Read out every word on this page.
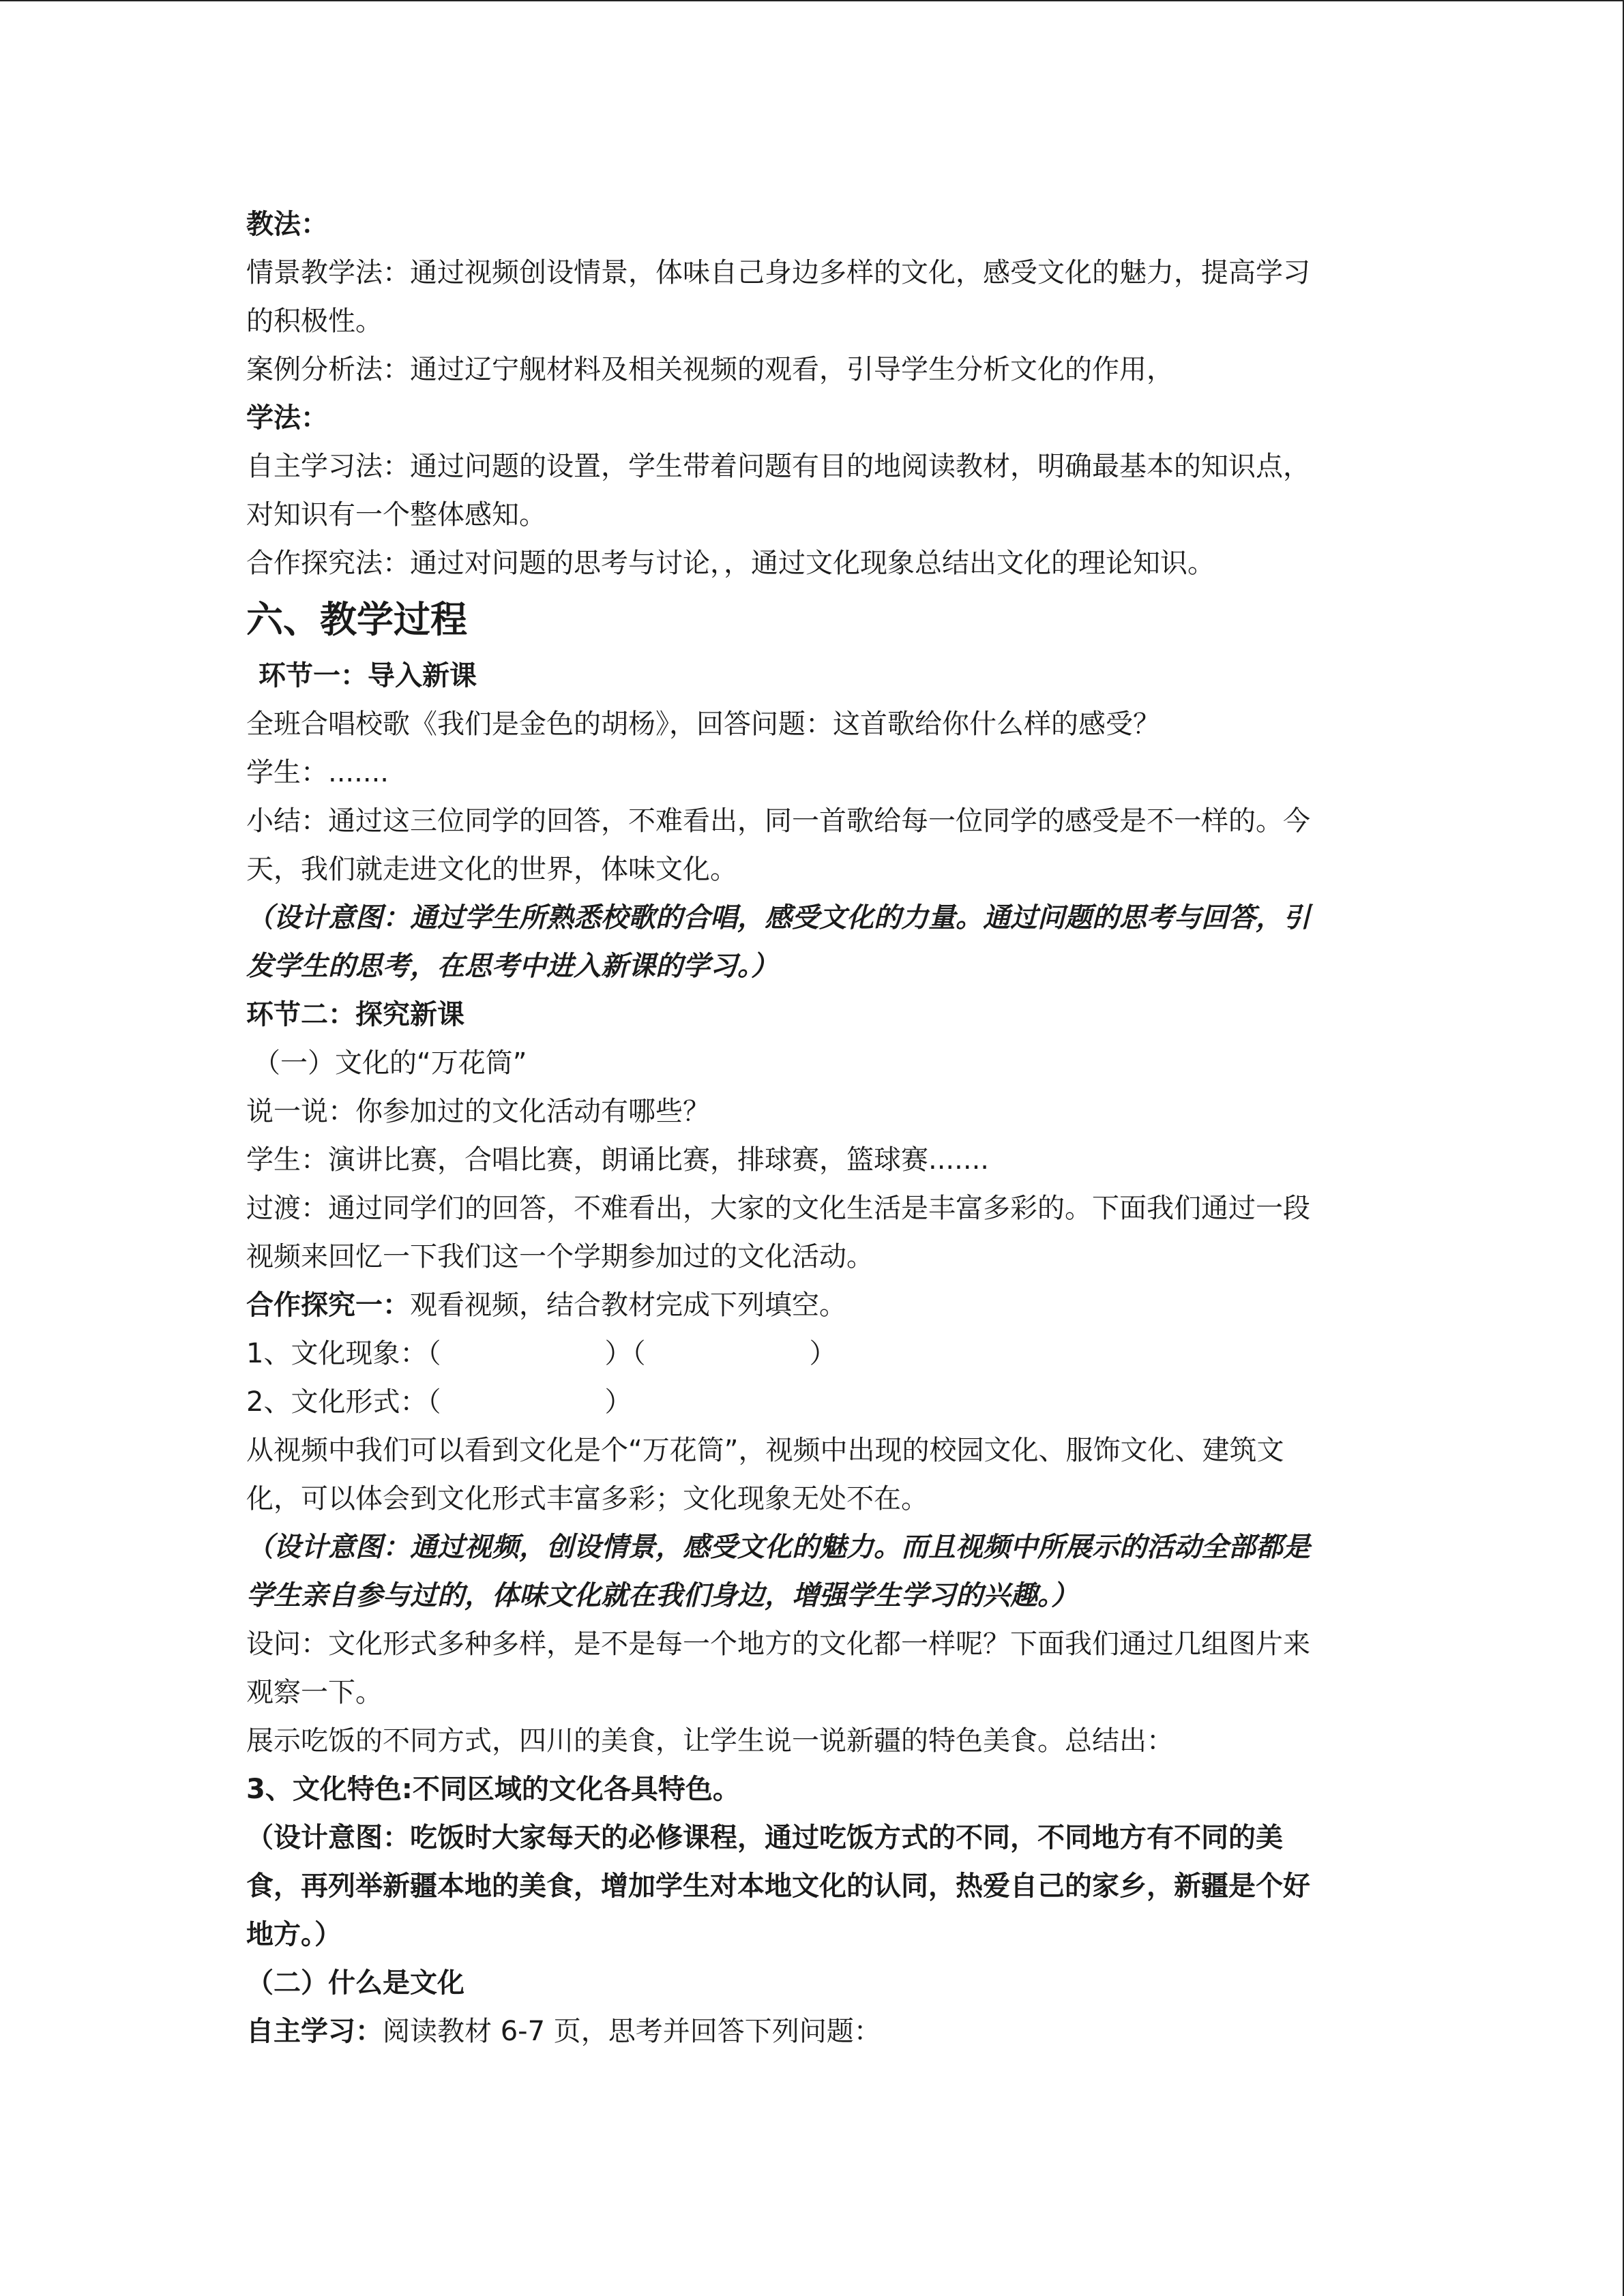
教法：

情景教学法：通过视频创设情景，体味自己身边多样的文化，感受文化的魅力，提高学习

的积极性。

案例分析法：通过辽宁舰材料及相关视频的观看，引导学生分析文化的作用，

学法：

自主学习法：通过问题的设置，学生带着问题有目的地阅读教材，明确最基本的知识点，

对知识有一个整体感知。

合作探究法：通过对问题的思考与讨论，，通过文化现象总结出文化的理论知识。

六、教学过程

环节一：导入新课

全班合唱校歌《我们是金色的胡杨》，回答问题：这首歌给你什么样的感受？

学生：.......

小结：通过这三位同学的回答，不难看出，同一首歌给每一位同学的感受是不一样的。今

天，我们就走进文化的世界，体味文化。

（设计意图：通过学生所熟悉校歌的合唱，感受文化的力量。通过问题的思考与回答，引

发学生的思考，在思考中进入新课的学习。）

环节二：探究新课

（一）文化的“万花筒”

说一说：你参加过的文化活动有哪些？

学生：演讲比赛，合唱比赛，朗诵比赛，排球赛，篮球赛.......

过渡：通过同学们的回答，不难看出，大家的文化生活是丰富多彩的。下面我们通过一段

视频来回忆一下我们这一个学期参加过的文化活动。

合作探究一：观看视频，结合教材完成下列填空。

1、文化现象：（	）（	）

2、文化形式：（	）

从视频中我们可以看到文化是个“万花筒”，视频中出现的校园文化、服饰文化、建筑文

化，可以体会到文化形式丰富多彩；文化现象无处不在。

（设计意图：通过视频，创设情景，感受文化的魅力。而且视频中所展示的活动全部都是

学生亲自参与过的，体味文化就在我们身边，增强学生学习的兴趣。）

设问：文化形式多种多样，是不是每一个地方的文化都一样呢？下面我们通过几组图片来

观察一下。

展示吃饭的不同方式，四川的美食，让学生说一说新疆的特色美食。总结出：

3、文化特色:不同区域的文化各具特色。

（设计意图：吃饭时大家每天的必修课程，通过吃饭方式的不同，不同地方有不同的美

食，再列举新疆本地的美食，增加学生对本地文化的认同，热爱自己的家乡，新疆是个好

地方。）

（二）什么是文化

自主学习：阅读教材 6-7 页，思考并回答下列问题：
